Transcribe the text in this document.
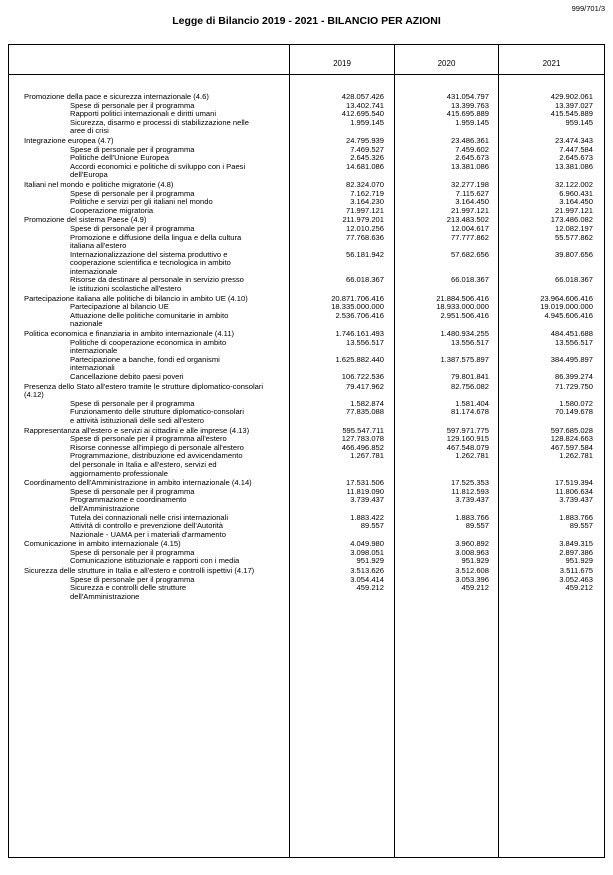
999/701/3
Legge di Bilancio 2019 - 2021 - BILANCIO PER AZIONI
2019	2020	2021
Promozione della pace e sicurezza internazionale (4.6)	428.057.426	431.054.797	429.902.061
Spese di personale per il programma	13.402.741	13.399.763	13.397.027
Rapporti politici internazionali e diritti umani	412.695.540	415.695.889	415.545.889
Sicurezza, disarmo e processi di stabilizzazione nelle aree di crisi
1.959.145	1.959.145	959.145
Integrazione europea (4.7)	24.795.939	23.486.361	23.474.343
Spese di personale per il programma	7.469.527	7.459.602	7.447.584
Politiche dell'Unione Europea	2.645.326	2.645.673	2.645.673
Accordi economici e politiche di sviluppo con i Paesi dell'Europa
14.681.086	13.381.086	13.381.086
Italiani nel mondo e politiche migratorie (4.8)	82.324.070	32.277.198	32.122.002
Spese di personale per il programma	7.162.719	7.115.627	6.960.431
Politiche e servizi per gli italiani nel mondo	3.164.230	3.164.450	3.164.450
Cooperazione migratoria	71.997.121	21.997.121	21.997.121
Promozione del sistema Paese (4.9)	211.979.201	213.483.502	173.486.082
Spese di personale per il programma	12.010.256	12.004.617	12.082.197
Promozione e diffusione della lingua e della cultura italiana all'estero
77.768.636	77.777.862	55.577.862
Internazionalizzazione del sistema produttivo e cooperazione scientifica e tecnologica in ambito internazionale
56.181.942	57.682.656	39.807.656
Risorse da destinare al personale in servizio presso le istituzioni scolastiche all'estero
66.018.367	66.018.367	66.018.367
Partecipazione italiana alle politiche di bilancio in ambito UE (4.10)	20.871.706.416	21.884.506.416	23.964.606.416
Partecipazione al bilancio UE	18.335.000.000	18.933.000.000	19.019.000.000
Attuazione delle politiche comunitarie in ambito nazionale
2.536.706.416	2.951.506.416	4.945.606.416
Politica economica e finanziaria in ambito internazionale (4.11)	1.746.161.493	1.480.934.255	484.451.688
Politiche di cooperazione economica in ambito internazionale
13.556.517	13.556.517	13.556.517
Partecipazione a banche, fondi ed organismi internazionali
1.625.882.440	1.387.575.897	384.495.897
Cancellazione debito paesi poveri	106.722.536	79.801.841	86.399.274
Presenza dello Stato all'estero tramite le strutture diplomatico-consolari (4.12)
79.417.962	82.756.082	71.729.750
Spese di personale per il programma	1.582.874	1.581.404	1.580.072
Funzionamento delle strutture diplomatico-consolari e attività istituzionali delle sedi all'estero
77.835.088	81.174.678	70.149.678
Rappresentanza all'estero e servizi ai cittadini e alle imprese (4.13)	595.547.711	597.971.775	597.685.028
Spese di personale per il programma all'estero	127.783.078	129.160.915	128.824.663
Risorse connesse all'impiego di personale all'estero	466.496.852	467.548.079	467.597.584
Programmazione, distribuzione ed avvicendamento del personale in Italia e all'estero, servizi ed aggiornamento professionale
1.267.781	1.262.781	1.262.781
Coordinamento dell'Amministrazione in ambito internazionale (4.14)	17.531.506	17.525.353	17.519.394
Spese di personale per il programma	11.819.090	11.812.593	11.806.634
Programmazione e coordinamento dell'Amministrazione
3.739.437	3.739.437	3.739.437
Tutela dei connazionali nelle crisi internazionali	1.883.422	1.883.766	1.883.766
Attività di controllo e prevenzione dell'Autorità Nazionale - UAMA per i materiali d'armamento
89.557	89.557	89.557
Comunicazione in ambito internazionale (4.15)	4.049.980	3.960.892	3.849.315
Spese di personale per il programma	3.098.051	3.008.963	2.897.386
Comunicazione istituzionale e rapporti con i media	951.929	951.929	951.929
Sicurezza delle strutture in Italia e all'estero e controlli ispettivi (4.17)	3.513.626	3.512.608	3.511.675
Spese di personale per il programma	3.054.414	3.053.396	3.052.463
Sicurezza e controlli delle strutture dell'Amministrazione
459.212	459.212	459.212
